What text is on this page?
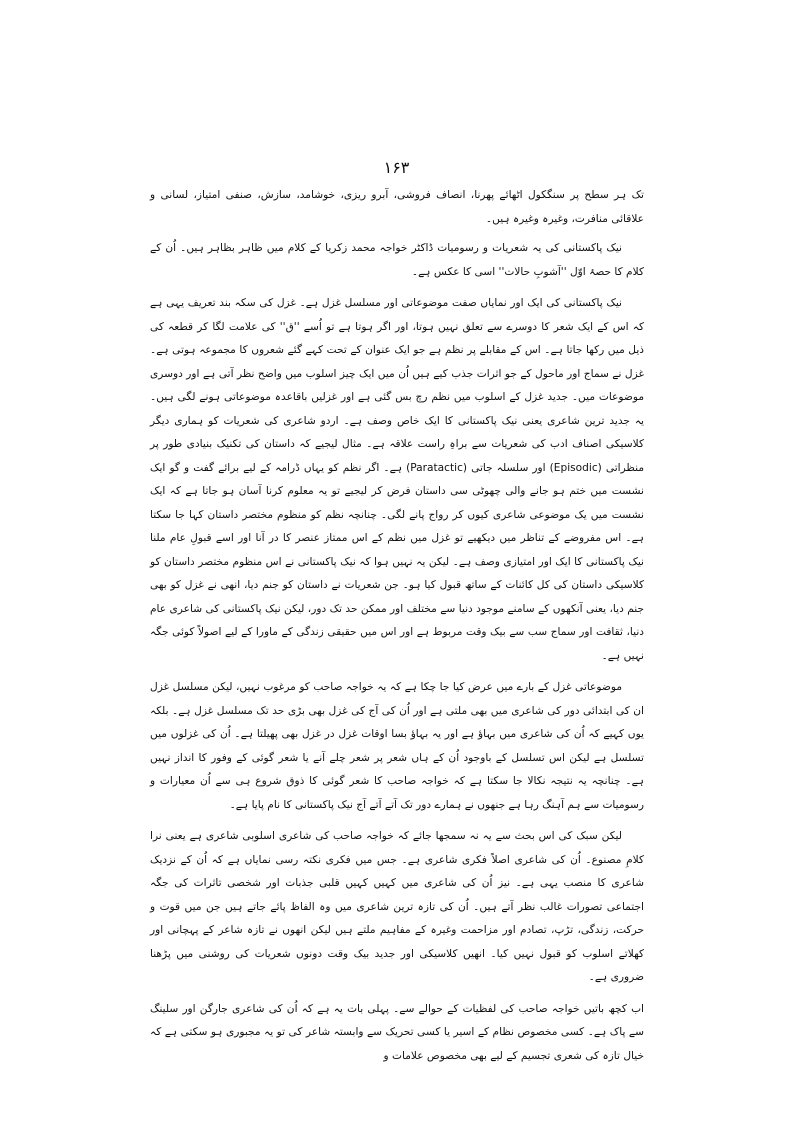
۱۶۳

تک ہر سطح پر سنگکول اٹھائے پھرنا، انصاف فروشی، آبرو ریزی، خوشامد، سازش، صنفی امتیاز، لسانی و علاقائی منافرت، وغیرہ وغیرہ ہیں۔

نیک پاکستانی کی یہ شعریات و رسومیات ڈاکٹر خواجہ محمد زکریا کے کلام میں ظاہر بظاہر ہیں۔ اُن کے کلام کا حصۂ اوّل ''آشوبِ حالات'' اسی کا عکس ہے۔

نیک پاکستانی کی ایک اور نمایاں صفت موضوعاتی اور مسلسل غزل ہے۔ غزل کی سکہ بند تعریف یہی ہے کہ اس کے ایک شعر کا دوسرے سے تعلق نہیں ہوتا، اور اگر ہوتا ہے تو اُسے ''ق'' کی علامت لگا کر قطعہ کی ذیل میں رکھا جاتا ہے۔ اس کے مقابلے پر نظم ہے جو ایک عنوان کے تحت کہے گئے شعروں کا مجموعہ ہوتی ہے۔ غزل نے سماج اور ماحول کے جو اثرات جذب کیے ہیں اُن میں ایک چیز اسلوب میں واضح نظر آتی ہے اور دوسری موضوعات میں۔ جدید غزل کے اسلوب میں نظم رچ بس گئی ہے اور غزلیں باقاعدہ موضوعاتی ہونے لگی ہیں۔ یہ جدید ترین شاعری یعنی نیک پاکستانی کا ایک خاص وصف ہے۔ اردو شاعری کی شعریات کو ہماری دیگر کلاسیکی اصناف ادب کی شعریات سے براہِ راست علاقہ ہے۔ مثال لیجیے کہ داستان کی تکنیک بنیادی طور پر منظراتی (Episodic) اور سلسلہ جاتی (Paratactic) ہے۔ اگر نظم کو یہاں ڈرامہ کے لیے برائے گفت و گو ایک نشست میں ختم ہو جانے والی چھوٹی سی داستان فرض کر لیجیے تو یہ معلوم کرنا آسان ہو جاتا ہے کہ ایک نشست میں یک موضوعی شاعری کیوں کر رواج پانے لگی۔ چنانچہ نظم کو منظوم مختصر داستان کہا جا سکتا ہے۔ اس مفروضے کے تناظر میں دیکھیے تو غزل میں نظم کے اس ممتاز عنصر کا در آنا اور اسے قبولِ عام ملنا نیک پاکستانی کا ایک اور امتیازی وصف ہے۔ لیکن یہ نہیں ہوا کہ نیک پاکستانی نے اس منظوم مختصر داستان کو کلاسیکی داستان کی کل کائنات کے ساتھ قبول کیا ہو۔ جن شعریات نے داستان کو جنم دیا، انھی نے غزل کو بھی جنم دیا، یعنی آنکھوں کے سامنے موجود دنیا سے مختلف اور ممکن حد تک دور، لیکن نیک پاکستانی کی شاعری عام دنیا، ثقافت اور سماج سب سے بیک وقت مربوط ہے اور اس میں حقیقی زندگی کے ماورا کے لیے اصولاً کوئی جگہ نہیں ہے۔

موضوعاتی غزل کے بارے میں عرض کیا جا چکا ہے کہ یہ خواجہ صاحب کو مرغوب نہیں، لیکن مسلسل غزل ان کی ابتدائی دور کی شاعری میں بھی ملتی ہے اور اُن کی آج کی غزل بھی بڑی حد تک مسلسل غزل ہے۔ بلکہ یوں کہیے کہ اُن کی شاعری میں بہاؤ ہے اور یہ بہاؤ بسا اوقات غزل در غزل بھی پھیلتا ہے۔ اُن کی غزلوں میں تسلسل ہے لیکن اس تسلسل کے باوجود اُن کے ہاں شعر پر شعر چلے آنے یا شعر گوئی کے وفور کا انداز نہیں ہے۔ چنانچہ یہ نتیجہ نکالا جا سکتا ہے کہ خواجہ صاحب کا شعر گوئی کا ذوق شروع ہی سے اُن معیارات و رسومیات سے ہم آہنگ رہا ہے جنھوں نے ہمارے دور تک آتے آتے آج نیک پاکستانی کا نام پایا ہے۔

لیکن سبک کی اس بحث سے یہ نہ سمجھا جائے کہ خواجہ صاحب کی شاعری اسلوبی شاعری ہے یعنی نرا کلامِ مصنوع۔ اُن کی شاعری اصلاً فکری شاعری ہے۔ جس میں فکری نکتہ رسی نمایاں ہے کہ اُن کے نزدیک شاعری کا منصب یہی ہے۔ نیز اُن کی شاعری میں کہیں کہیں قلبی جذبات اور شخصی تاثرات کی جگہ اجتماعی تصورات غالب نظر آتے ہیں۔ اُن کی تازہ ترین شاعری میں وہ الفاظ پائے جاتے ہیں جن میں قوت و حرکت، زندگی، تڑپ، تصادم اور مزاحمت وغیرہ کے مفاہیم ملتے ہیں لیکن انھوں نے تازہ شاعر کے پہچانی اور کھلاتے اسلوب کو قبول نہیں کیا۔ انھیں کلاسیکی اور جدید بیک وقت دونوں شعریات کی روشنی میں پڑھنا ضروری ہے۔

اب کچھ باتیں خواجہ صاحب کی لفظیات کے حوالے سے۔ پہلی بات یہ ہے کہ اُن کی شاعری جارگن اور سلینگ سے پاک ہے۔ کسی مخصوص نظام کے اسیر یا کسی تحریک سے وابستہ شاعر کی تو یہ مجبوری ہو سکتی ہے کہ خیال تازہ کی شعری تجسیم کے لیے بھی مخصوص علامات و
